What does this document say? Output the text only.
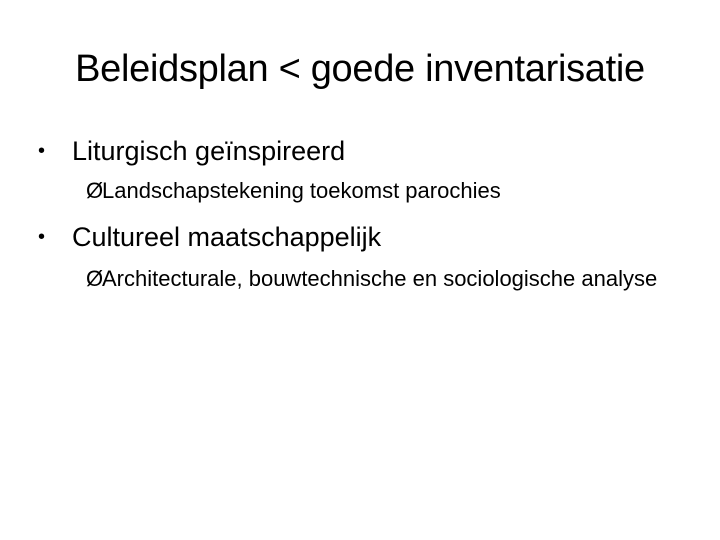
Beleidsplan < goede inventarisatie
• Liturgisch geïnspireerd
Ø
Landschapstekening toekomst parochies
• Cultureel maatschappelijk
Ø
Architecturale, bouwtechnische en sociologische analyse
